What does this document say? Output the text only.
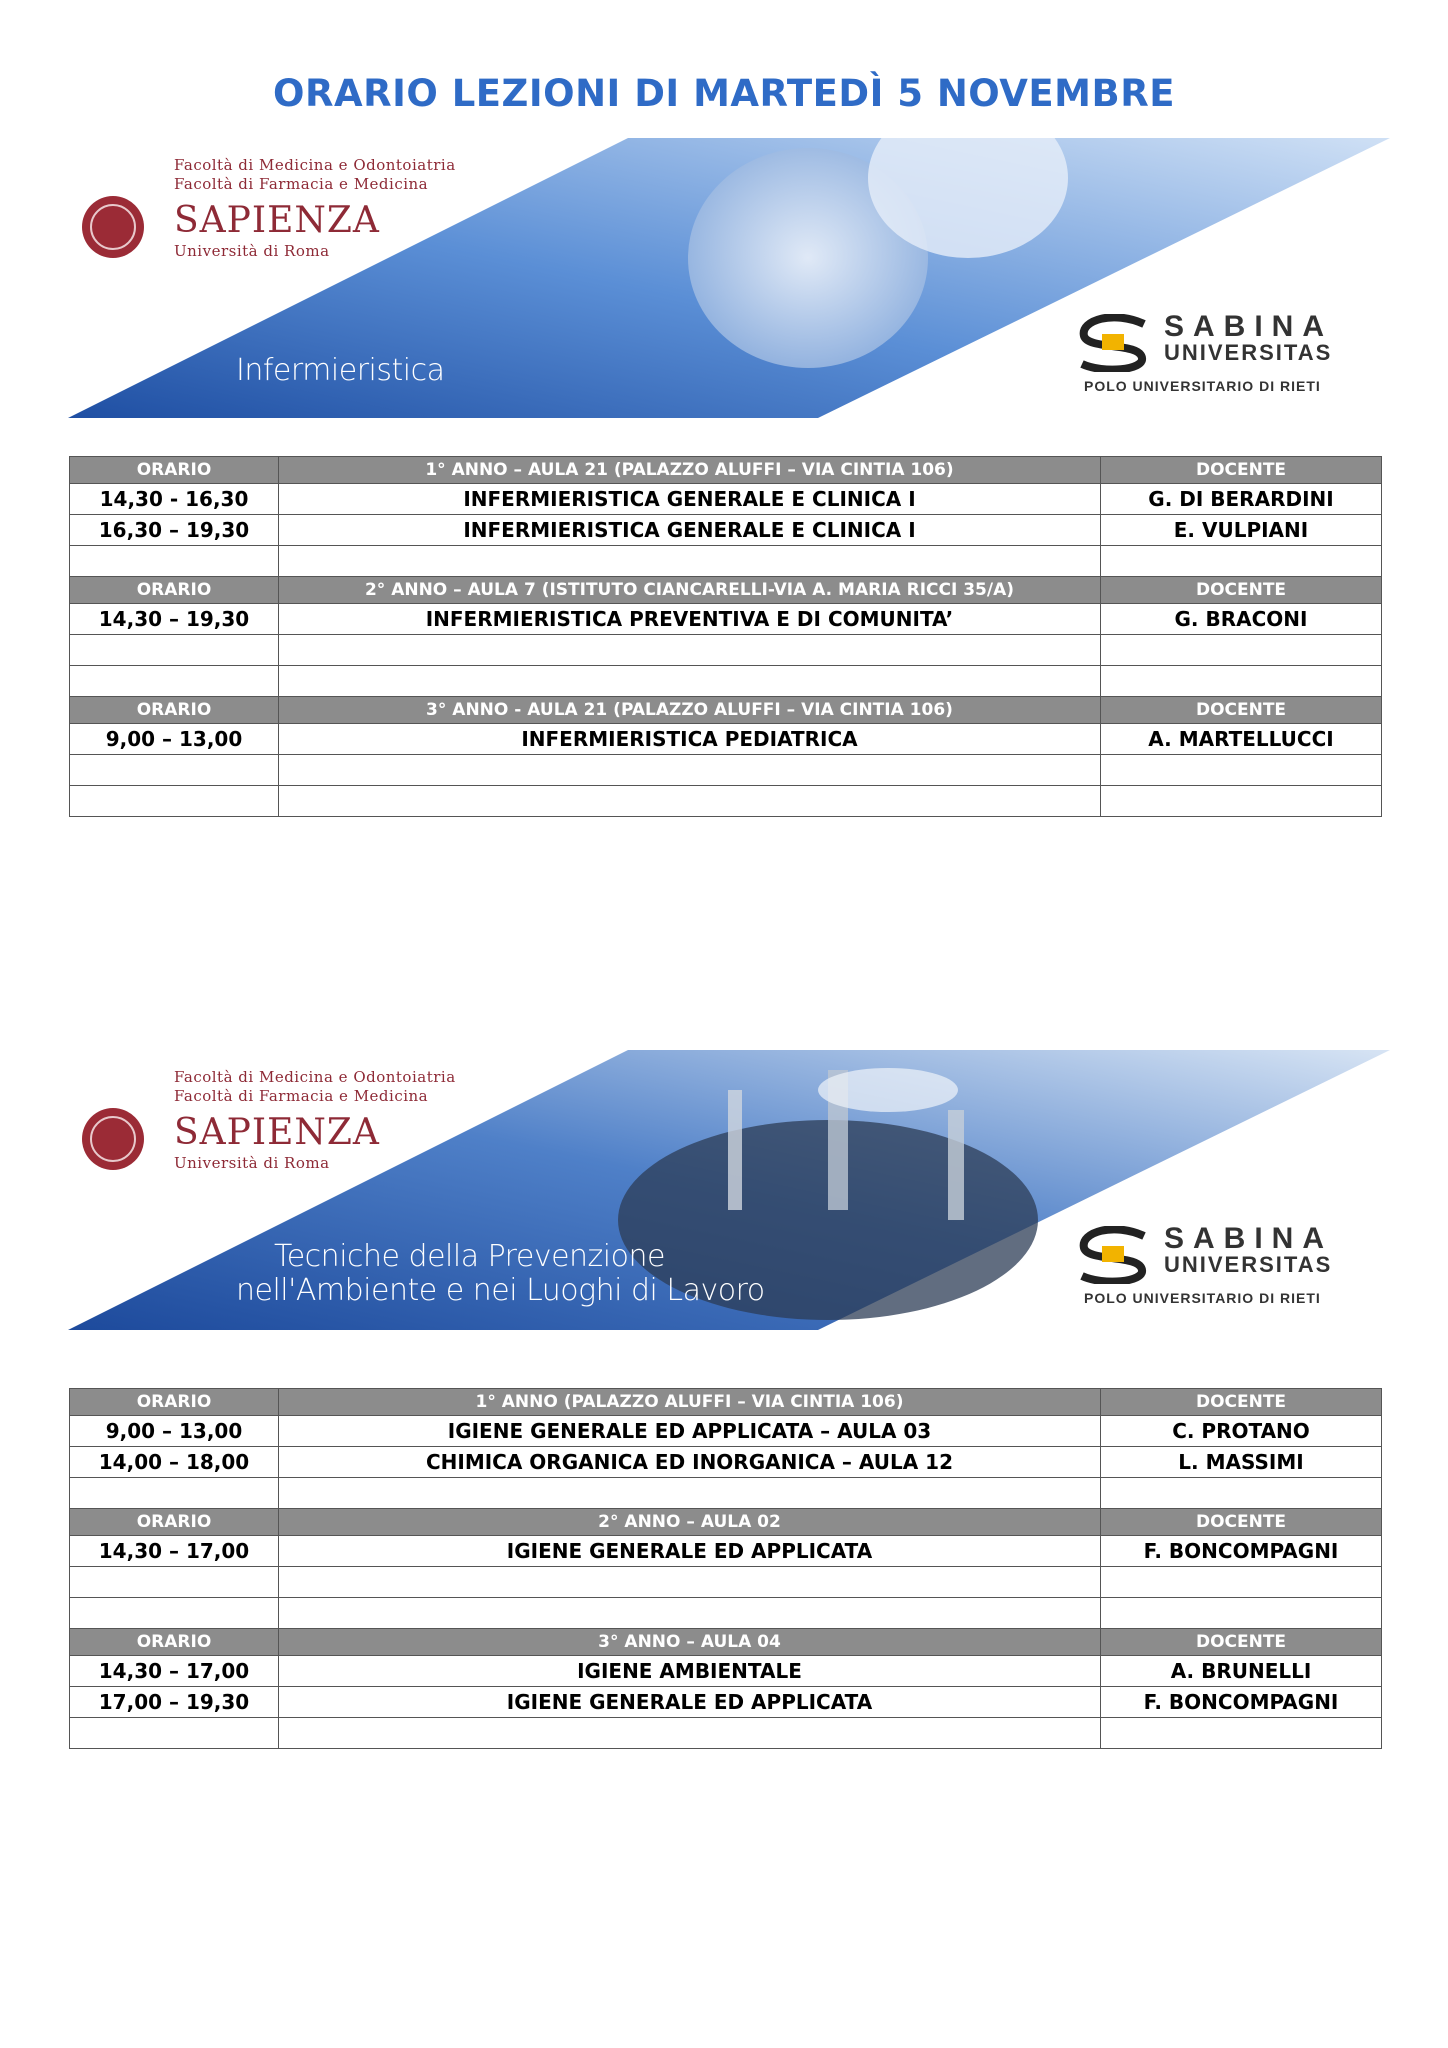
ORARIO LEZIONI DI MARTEDÌ 5 NOVEMBRE
Facoltà di Medicina e Odontoiatria
Facoltà di Farmacia e Medicina
SAPIENZA
Università di Roma
Infermieristica
SABINA
UNIVERSITAS
POLO UNIVERSITARIO DI RIETI
ORARIO	1° ANNO – AULA 21 (PALAZZO ALUFFI – VIA CINTIA 106)	DOCENTE
14,30 - 16,30	INFERMIERISTICA GENERALE E CLINICA I	G. DI BERARDINI
16,30 – 19,30	INFERMIERISTICA GENERALE E CLINICA I	E. VULPIANI

ORARIO	2° ANNO – AULA 7 (ISTITUTO CIANCARELLI-VIA A. MARIA RICCI 35/A)	DOCENTE
14,30 – 19,30	INFERMIERISTICA PREVENTIVA E DI COMUNITA’	G. BRACONI

ORARIO	3° ANNO - AULA 21 (PALAZZO ALUFFI – VIA CINTIA 106)	DOCENTE
9,00 – 13,00	INFERMIERISTICA PEDIATRICA	A. MARTELLUCCI

Facoltà di Medicina e Odontoiatria
Facoltà di Farmacia e Medicina
SAPIENZA
Università di Roma
Tecniche della Prevenzione
nell'Ambiente e nei Luoghi di Lavoro
SABINA
UNIVERSITAS
POLO UNIVERSITARIO DI RIETI
ORARIO	1° ANNO (PALAZZO ALUFFI – VIA CINTIA 106)	DOCENTE
9,00 – 13,00	IGIENE GENERALE ED APPLICATA – AULA 03	C. PROTANO
14,00 – 18,00	CHIMICA ORGANICA ED INORGANICA – AULA 12	L. MASSIMI

ORARIO	2° ANNO – AULA 02	DOCENTE
14,30 – 17,00	IGIENE GENERALE ED APPLICATA	F. BONCOMPAGNI

ORARIO	3° ANNO – AULA 04	DOCENTE
14,30 – 17,00	IGIENE AMBIENTALE	A. BRUNELLI
17,00 – 19,30	IGIENE GENERALE ED APPLICATA	F. BONCOMPAGNI
